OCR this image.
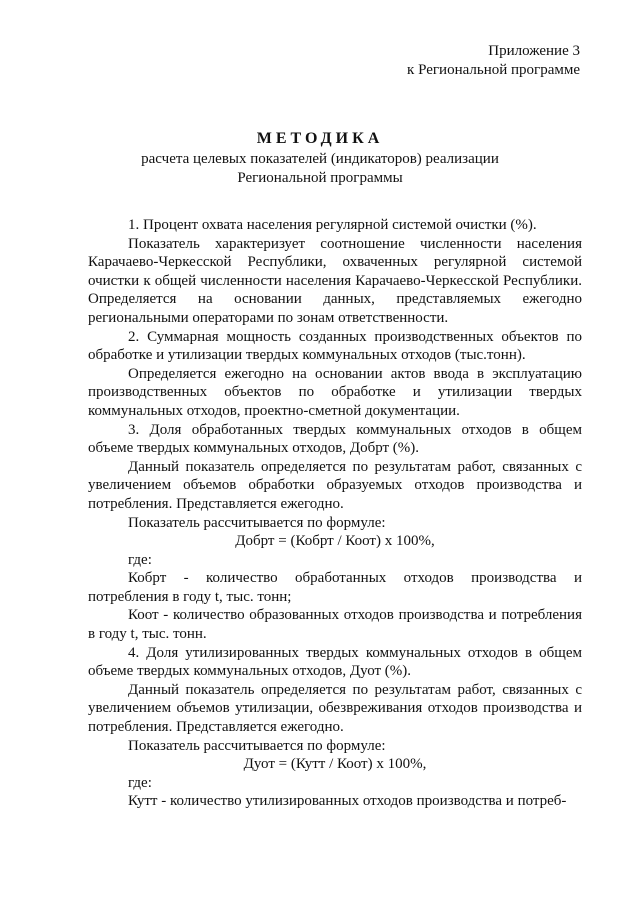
Приложение 3
к Региональной программе
МЕТОДИКА
расчета целевых показателей (индикаторов) реализации
Региональной программы

1. Процент охвата населения регулярной системой очистки (%).

Показатель характеризует соотношение численности населения Карачаево-Черкесской Республики, охваченных регулярной системой очистки к общей численности населения Карачаево-Черкесской Республики. Определяется на основании данных, представляемых ежегодно региональными операторами по зонам ответственности.

2. Суммарная мощность созданных производственных объектов по обработке и утилизации твердых коммунальных отходов (тыс.тонн).

Определяется ежегодно на основании актов ввода в эксплуатацию производственных объектов по обработке и утилизации твердых коммунальных отходов, проектно-сметной документации.

3. Доля обработанных твердых коммунальных отходов в общем объеме твердых коммунальных отходов, Добрт (%).

Данный показатель определяется по результатам работ, связанных с увеличением объемов обработки образуемых отходов производства и потребления. Представляется ежегодно.

Показатель рассчитывается по формуле:

Добрт = (Кобрт / Коот) х 100%,

где:

Кобрт - количество обработанных отходов производства и потребления в году t, тыс. тонн;

Коот - количество образованных отходов производства и потребления в году t, тыс. тонн.

4. Доля утилизированных твердых коммунальных отходов в общем объеме твердых коммунальных отходов, Дуот (%).

Данный показатель определяется по результатам работ, связанных с увеличением объемов утилизации, обезвреживания отходов производства и потребления. Представляется ежегодно.

Показатель рассчитывается по формуле:

Дуот = (Кутт / Коот) х 100%,

где:

Кутт - количество утилизированных отходов производства и потреб-
